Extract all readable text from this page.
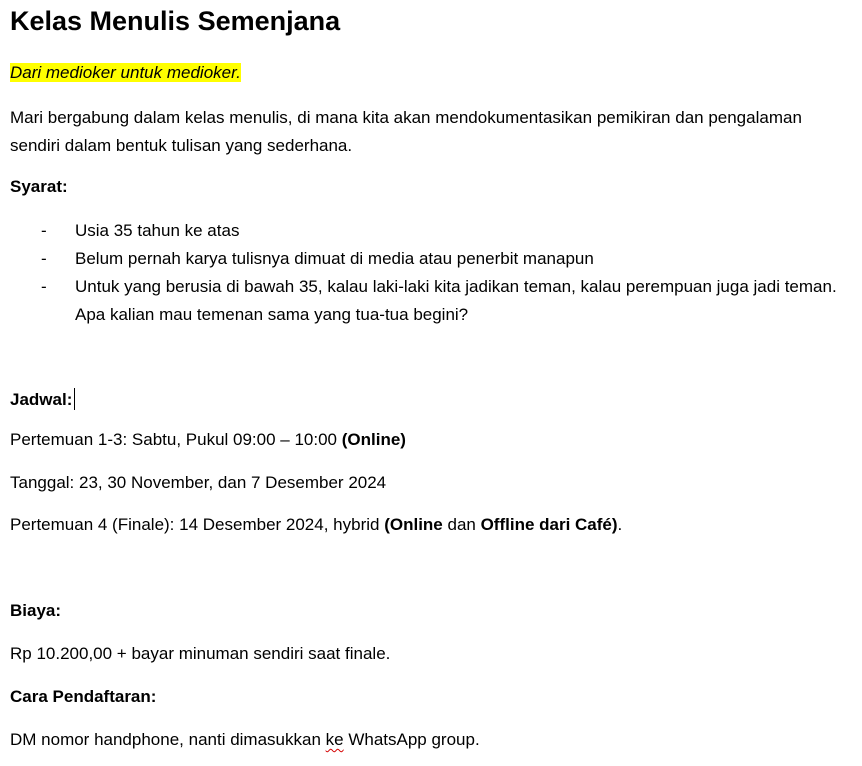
Kelas Menulis Semenjana

Dari medioker untuk medioker.

Mari bergabung dalam kelas menulis, di mana kita akan mendokumentasikan pemikiran dan pengalaman sendiri dalam bentuk tulisan yang sederhana.

Syarat:

- Usia 35 tahun ke atas
- Belum pernah karya tulisnya dimuat di media atau penerbit manapun
- Untuk yang berusia di bawah 35, kalau laki-laki kita jadikan teman, kalau perempuan juga jadi teman. Apa kalian mau temenan sama yang tua-tua begini?

Jadwal:

Pertemuan 1-3: Sabtu, Pukul 09:00 – 10:00 (Online)

Tanggal: 23, 30 November, dan 7 Desember 2024

Pertemuan 4 (Finale): 14 Desember 2024, hybrid (Online dan Offline dari Café).

Biaya:

Rp 10.200,00 + bayar minuman sendiri saat finale.

Cara Pendaftaran:

DM nomor handphone, nanti dimasukkan ke WhatsApp group.
